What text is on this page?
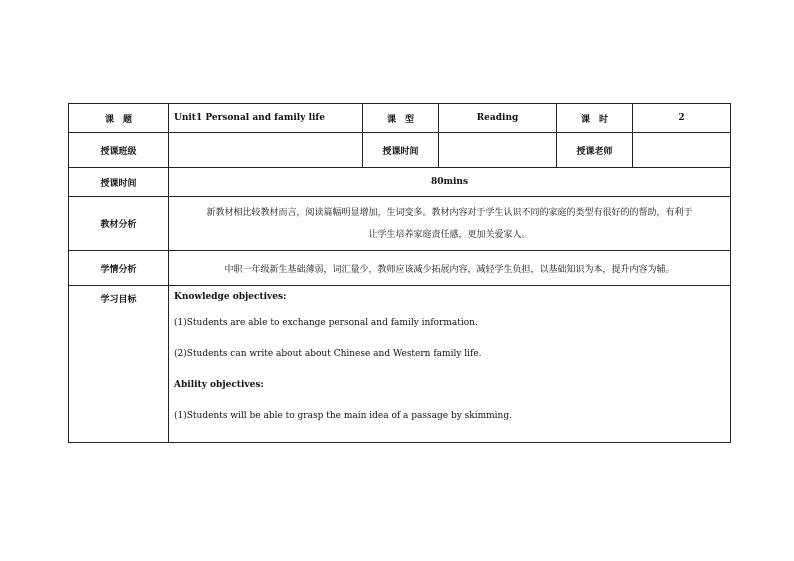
课　题	Unit1 Personal and family life	课　型	Reading	课　时	2
授课班级		授课时间		授课老师	
授课时间	80mins				
教材分析	新教材相比较教材而言，阅读篇幅明显增加，生词变多。教材内容对于学生认识不同的家庭的类型有很好的的帮助，有利于
让学生培养家庭责任感，更加关爱家人。				

学情分析	中职一年级新生基础薄弱，词汇量少，教师应该减少拓展内容，减轻学生负担，以基础知识为本，提升内容为辅。				
学习目标	Knowledge objectives:

(1)Students are able to exchange personal and family information.

(2)Students can write about about Chinese and Western family life.

Ability objectives:

(1)Students will be able to grasp the main idea of a passage by skimming.				
